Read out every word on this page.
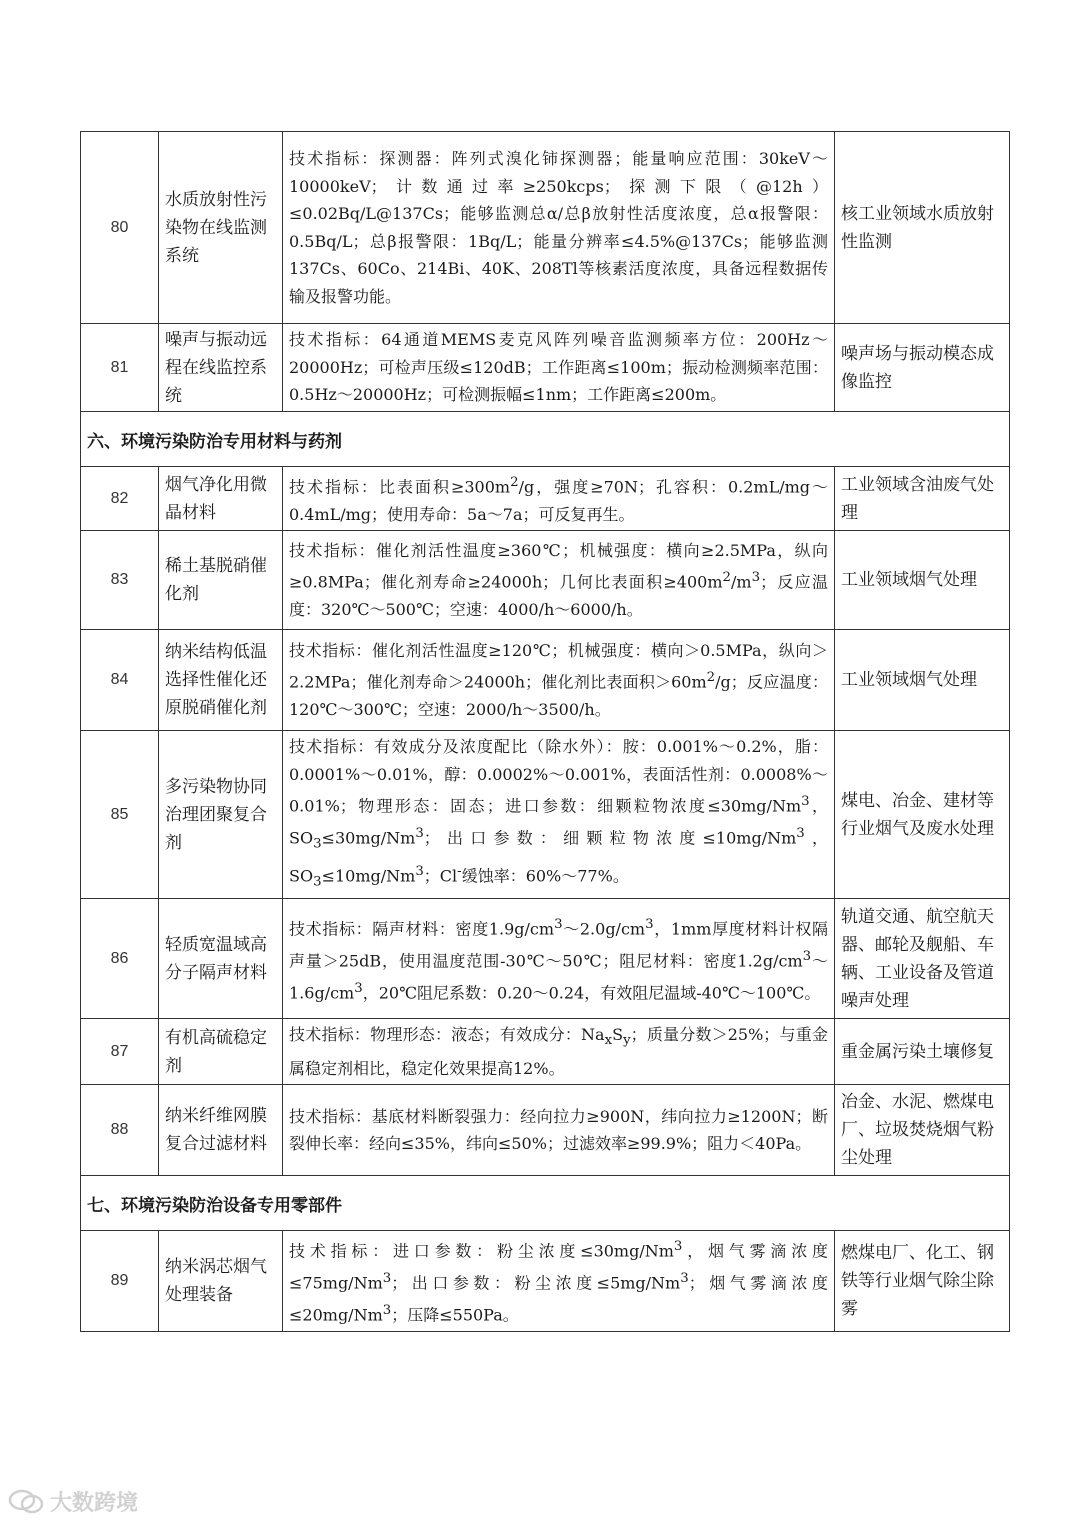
80	水质放射性污染物在线监测系统	技术指标：探测器：阵列式溴化铈探测器；能量响应范围：30keV～10000keV；计数通过率≥250kcps；探测下限（@12h）≤0.02Bq/L@137Cs；能够监测总α/总β放射性活度浓度，总α报警限：0.5Bq/L；总β报警限：1Bq/L；能量分辨率≤4.5%@137Cs；能够监测137Cs、60Co、214Bi、40K、208Tl等核素活度浓度，具备远程数据传输及报警功能。	核工业领域水质放射性监测
81	噪声与振动远程在线监控系统	技术指标：64通道MEMS麦克风阵列噪音监测频率方位：200Hz～20000Hz；可检声压级≤120dB；工作距离≤100m；振动检测频率范围：0.5Hz～20000Hz；可检测振幅≤1nm；工作距离≤200m。	噪声场与振动模态成像监控
六、环境污染防治专用材料与药剂			
82	烟气净化用微晶材料	技术指标：比表面积$\ge 300m^2/g$，强度≥70N；孔容积：0.2mL/mg～0.4mL/mg；使用寿命：5a～7a；可反复再生。	工业领域含油废气处理
83	稀土基脱硝催化剂	技术指标：催化剂活性温度≥360℃；机械强度：横向≥2.5MPa，纵向≥0.8MPa；催化剂寿命≥24000h；几何比表面积$\ge 400m^2/m^3$；反应温度：320℃～500℃；空速：4000/h～6000/h。	工业领域烟气处理
84	纳米结构低温选择性催化还原脱硝催化剂	技术指标：催化剂活性温度≥120℃；机械强度：横向＞0.5MPa，纵向＞2.2MPa；催化剂寿命＞24000h；催化剂比表面积$>60m^2/g$；反应温度：120℃～300℃；空速：2000/h～3500/h。	工业领域烟气处理
85	多污染物协同治理团聚复合剂	技术指标：有效成分及浓度配比（除水外）：胺：0.001%～0.2%，脂：0.0001%～0.01%，醇：0.0002%～0.001%，表面活性剂：0.0008%～0.01%；物理形态：固态；进口参数：细颗粒物浓度$\le 30mg/Nm^3$，$SO_3\le 30mg/Nm^3$；出口参数：细颗粒物浓度$\le 10mg/Nm^3$，$SO_3\le 10mg/Nm^3$；Cl-缓蚀率：60%～77%。	煤电、冶金、建材等行业烟气及废水处理
86	轻质宽温域高分子隔声材料	技术指标：隔声材料：密度$1.9g/cm^3\sim 2.0g/cm^3$，1mm厚度材料计权隔声量＞25dB，使用温度范围-30℃～50℃；阻尼材料：密度$1.2g/cm^3\sim 1.6g/cm^3$，20℃阻尼系数：0.20～0.24，有效阻尼温域-40℃～100℃。	轨道交通、航空航天器、邮轮及舰船、车辆、工业设备及管道噪声处理
87	有机高硫稳定剂	技术指标：物理形态：液态；有效成分：$Na_xS_y$；质量分数＞25%；与重金属稳定剂相比，稳定化效果提高12%。	重金属污染土壤修复
88	纳米纤维网膜复合过滤材料	技术指标：基底材料断裂强力：经向拉力≥900N，纬向拉力≥1200N；断裂伸长率：经向≤35%，纬向≤50%；过滤效率≥99.9%；阻力＜40Pa。	冶金、水泥、燃煤电厂、垃圾焚烧烟气粉尘处理
七、环境污染防治设备专用零部件			
89	纳米涡芯烟气处理装备	技术指标：进口参数：粉尘浓度$\le 30mg/Nm^3$，烟气雾滴浓度$\le 75mg/Nm^3$；出口参数：粉尘浓度$\le 5mg/Nm^3$；烟气雾滴浓度$\le 20mg/Nm^3$；压降≤550Pa。	燃煤电厂、化工、钢铁等行业烟气除尘除雾
大数跨境
